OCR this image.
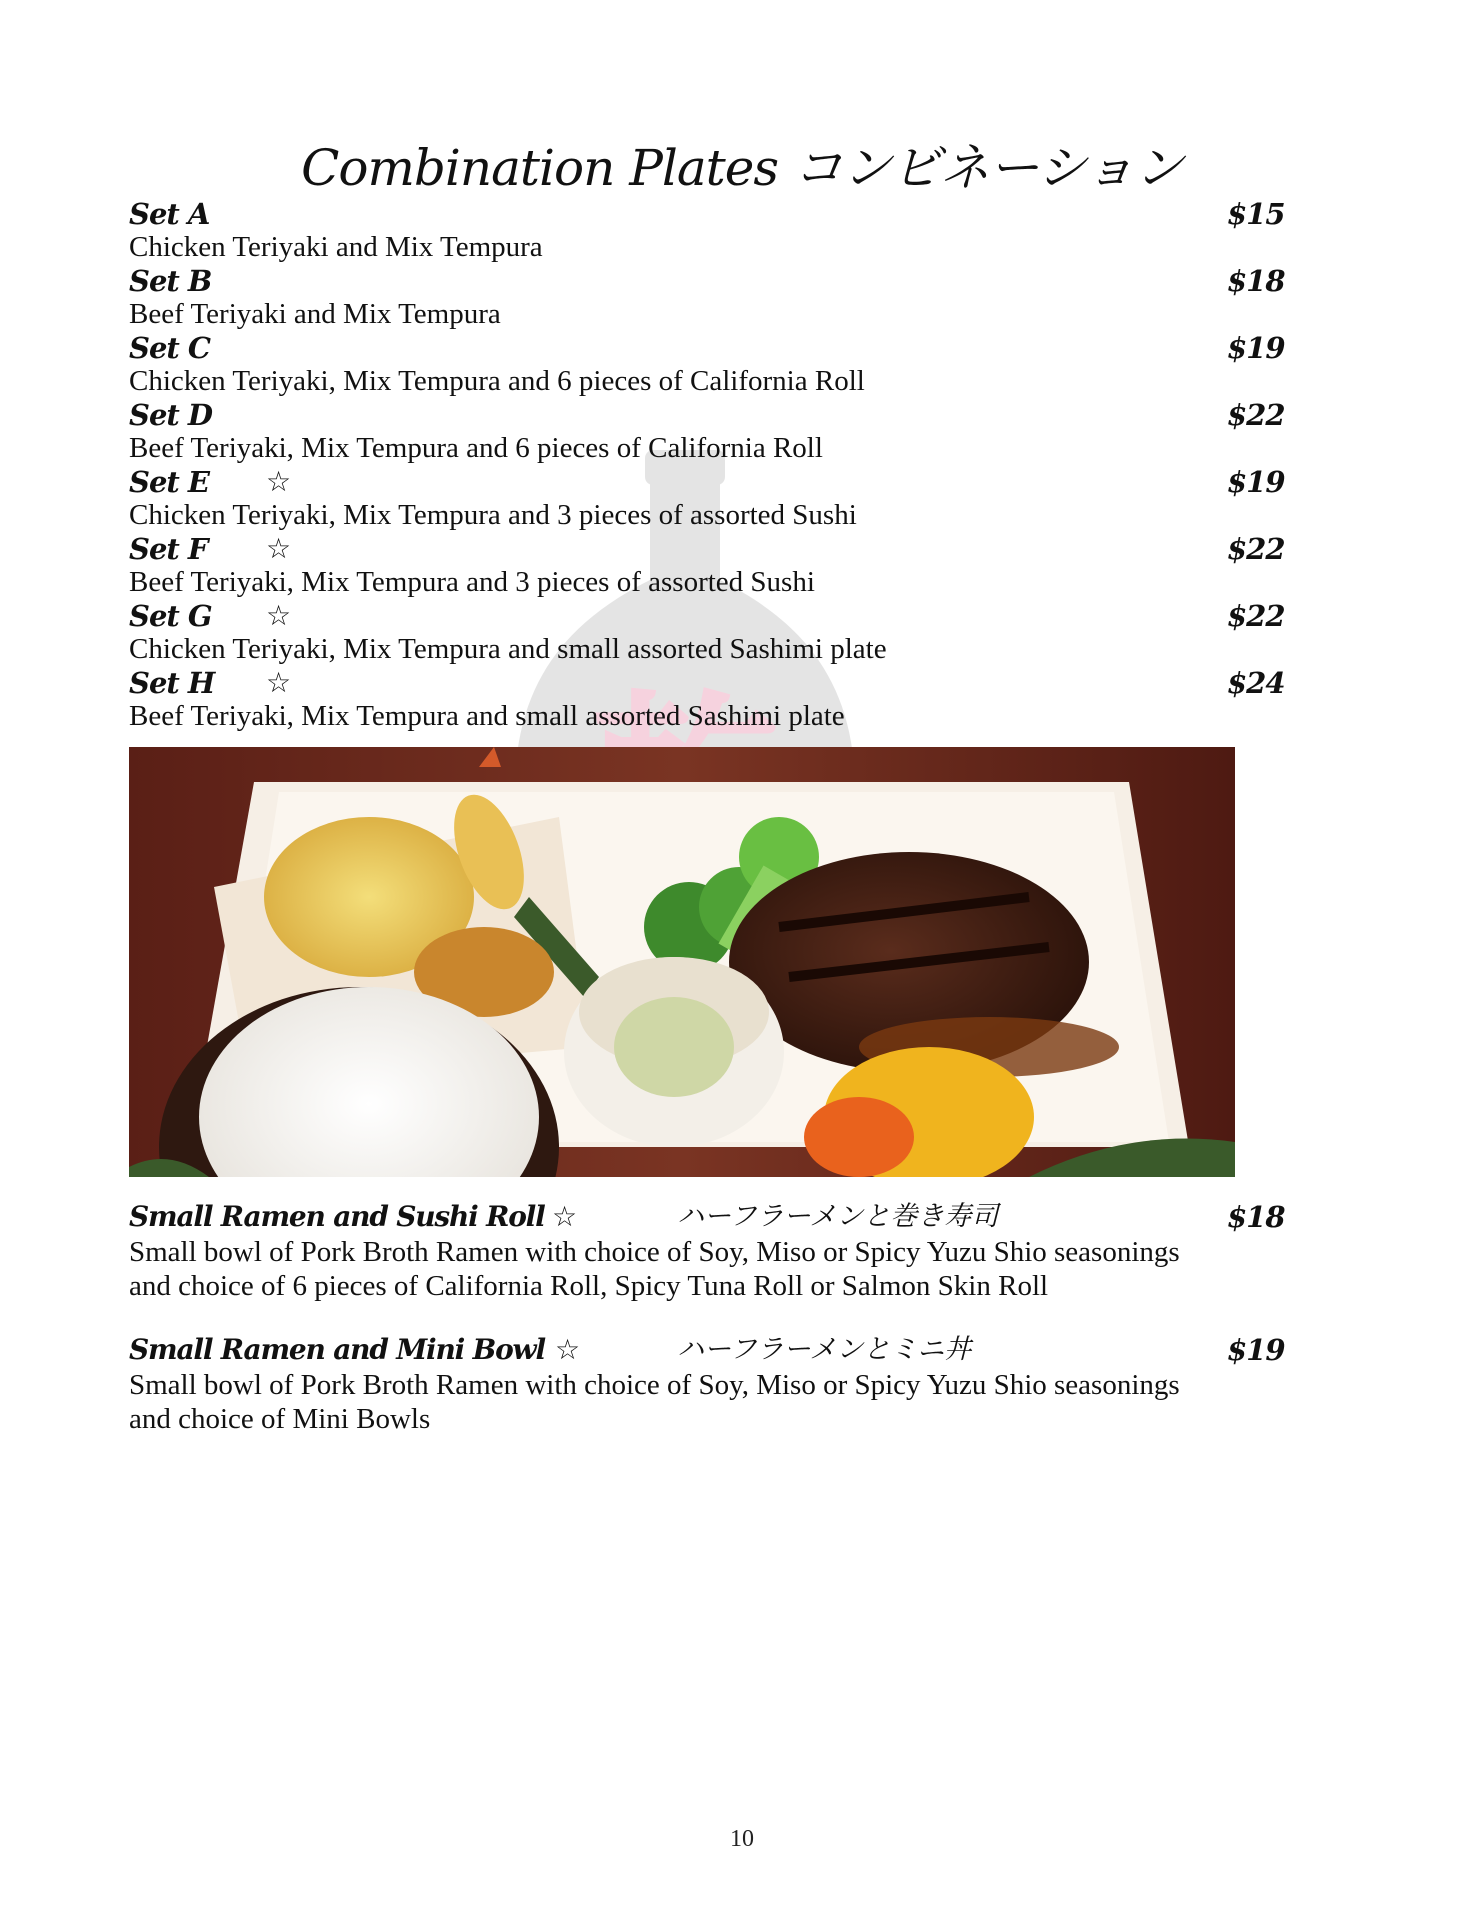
Combination Plates コンビネーション
Set A	$15
Chicken Teriyaki and Mix Tempura
Set B	$18
Beef Teriyaki and Mix Tempura
Set C	$19
Chicken Teriyaki, Mix Tempura and 6 pieces of California Roll
Set D	$22
Beef Teriyaki, Mix Tempura and 6 pieces of California Roll
Set E ☆	$19
Chicken Teriyaki, Mix Tempura and 3 pieces of assorted Sushi
Set F ☆	$22
Beef Teriyaki, Mix Tempura and 3 pieces of assorted Sushi
Set G ☆	$22
Chicken Teriyaki, Mix Tempura and small assorted Sashimi plate
Set H ☆	$24
Beef Teriyaki, Mix Tempura and small assorted Sashimi plate
Small Ramen and Sushi Roll ☆	ハーフラーメンと巻き寿司	$18
Small bowl of Pork Broth Ramen with choice of Soy, Miso or Spicy Yuzu Shio seasonings
and choice of 6 pieces of California Roll, Spicy Tuna Roll or Salmon Skin Roll
Small Ramen and Mini Bowl ☆	ハーフラーメンとミニ丼	$19
Small bowl of Pork Broth Ramen with choice of Soy, Miso or Spicy Yuzu Shio seasonings
and choice of Mini Bowls
10
